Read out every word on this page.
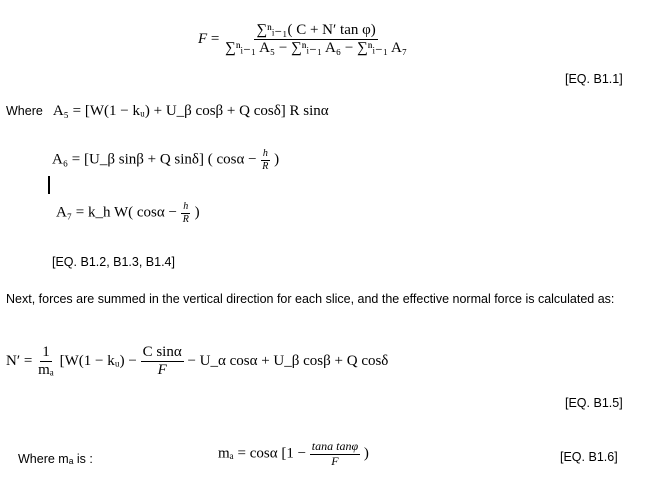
$F = \frac{\text{∑ⁿᵢ₋₁( C + N′ tan φ)}}{\text{∑ⁿᵢ₋₁ A₅ − ∑ⁿᵢ₋₁ A₆ − ∑ⁿᵢ₋₁ A₇}}$
[EQ. B1.1]
Where A₅ = [W(1 − kᵤ) + U_β cosβ + Q cosδ] R sinα
A₆ = [U_β sinβ + Q sinδ] ( $\cos\alpha - \frac{h}{R}$ )
A₇ = k_h W( $\cos\alpha - \frac{h}{R}$ )
[EQ. B1.2, B1.3, B1.4]
Next, forces are summed in the vertical direction for each slice, and the effective normal force is calculated as:
$N' = \frac{1}{\text{mₐ}} [W(1$ − kᵤ) − $\frac{\text{C sinα}}{F}$ − U_α cosα + U_β cosβ + Q cosδ
[EQ. B1.5]
Where mₐ is :	mₐ = cosα [$1 - \frac{\text{tana tanφ}}{F}$ )	[EQ. B1.6]
